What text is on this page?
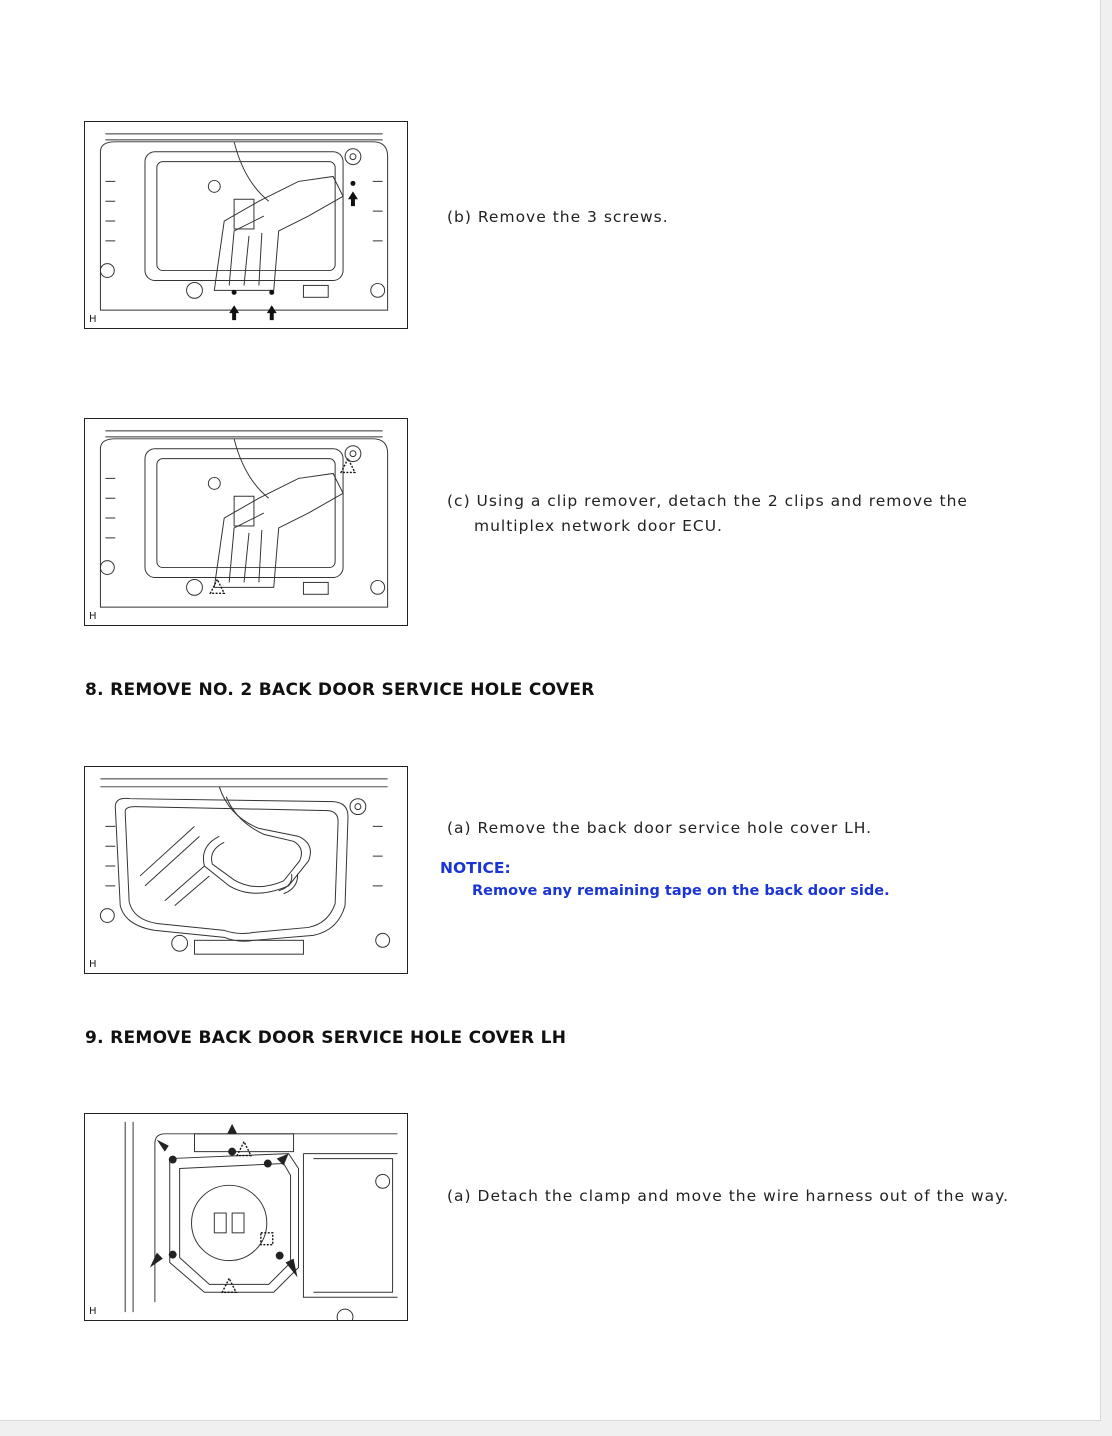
H
(b) Remove the 3 screws.
H
(c) Using a clip remover, detach the 2 clips and remove the multiplex network door ECU.
8. REMOVE NO. 2 BACK DOOR SERVICE HOLE COVER
H
(a) Remove the back door service hole cover LH.
NOTICE:
Remove any remaining tape on the back door side.
9. REMOVE BACK DOOR SERVICE HOLE COVER LH
H
(a) Detach the clamp and move the wire harness out of the way.
